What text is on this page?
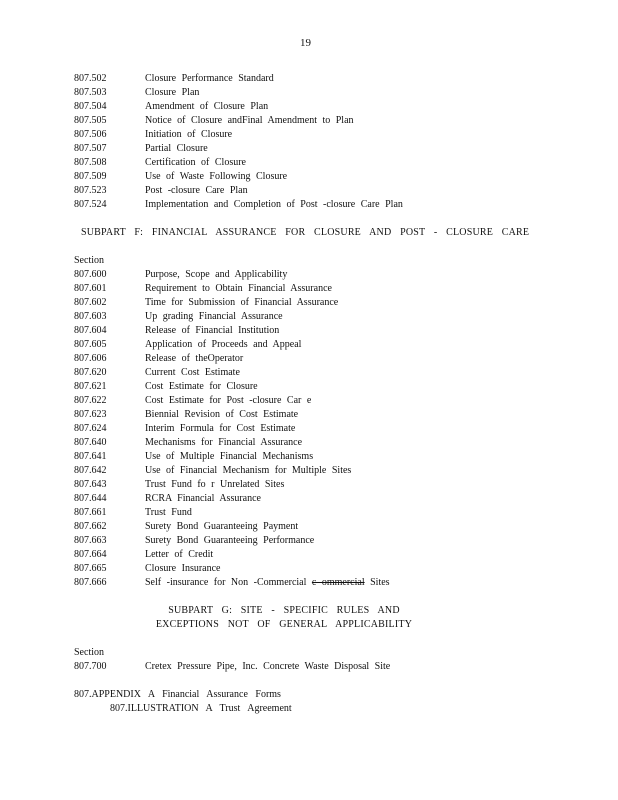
19
807.502	Closure Performance Standard
807.503	Closure Plan
807.504	Amendment of Closure Plan
807.505	Notice of Closure andFinal Amendment to Plan
807.506	Initiation of Closure
807.507	Partial Closure
807.508	Certification of Closure
807.509	Use of Waste Following Closure
807.523	Post -closure Care Plan
807.524	Implementation and Completion of Post -closure Care Plan
SUBPART F: FINANCIAL ASSURANCE FOR CLOSURE AND POST - CLOSURE CARE
Section
807.600	Purpose, Scope and Applicability
807.601	Requirement to Obtain Financial Assurance
807.602	Time for Submission of Financial Assurance
807.603	Up grading Financial Assurance
807.604	Release of Financial Institution
807.605	Application of Proceeds and Appeal
807.606	Release of theOperator
807.620	Current Cost Estimate
807.621	Cost Estimate for Closure
807.622	Cost Estimate for Post -closure Car e
807.623	Biennial Revision of Cost Estimate
807.624	Interim Formula for Cost Estimate
807.640	Mechanisms for Financial Assurance
807.641	Use of Multiple Financial Mechanisms
807.642	Use of Financial Mechanism for Multiple Sites
807.643	Trust Fund fo r Unrelated Sites
807.644	RCRA Financial Assurance
807.661	Trust Fund
807.662	Surety Bond Guaranteeing Payment
807.663	Surety Bond Guaranteeing Performance
807.664	Letter of Credit
807.665	Closure Insurance
807.666	Self -insurance for Non -Commercial c ommercial Sites
SUBPART G: SITE - SPECIFIC RULES AND
EXCEPTIONS NOT OF GENERAL APPLICABILITY
Section
807.700	Cretex Pressure Pipe, Inc. Concrete Waste Disposal Site
807.APPENDIX A Financial Assurance Forms
807.ILLUSTRATION A Trust Agreement
